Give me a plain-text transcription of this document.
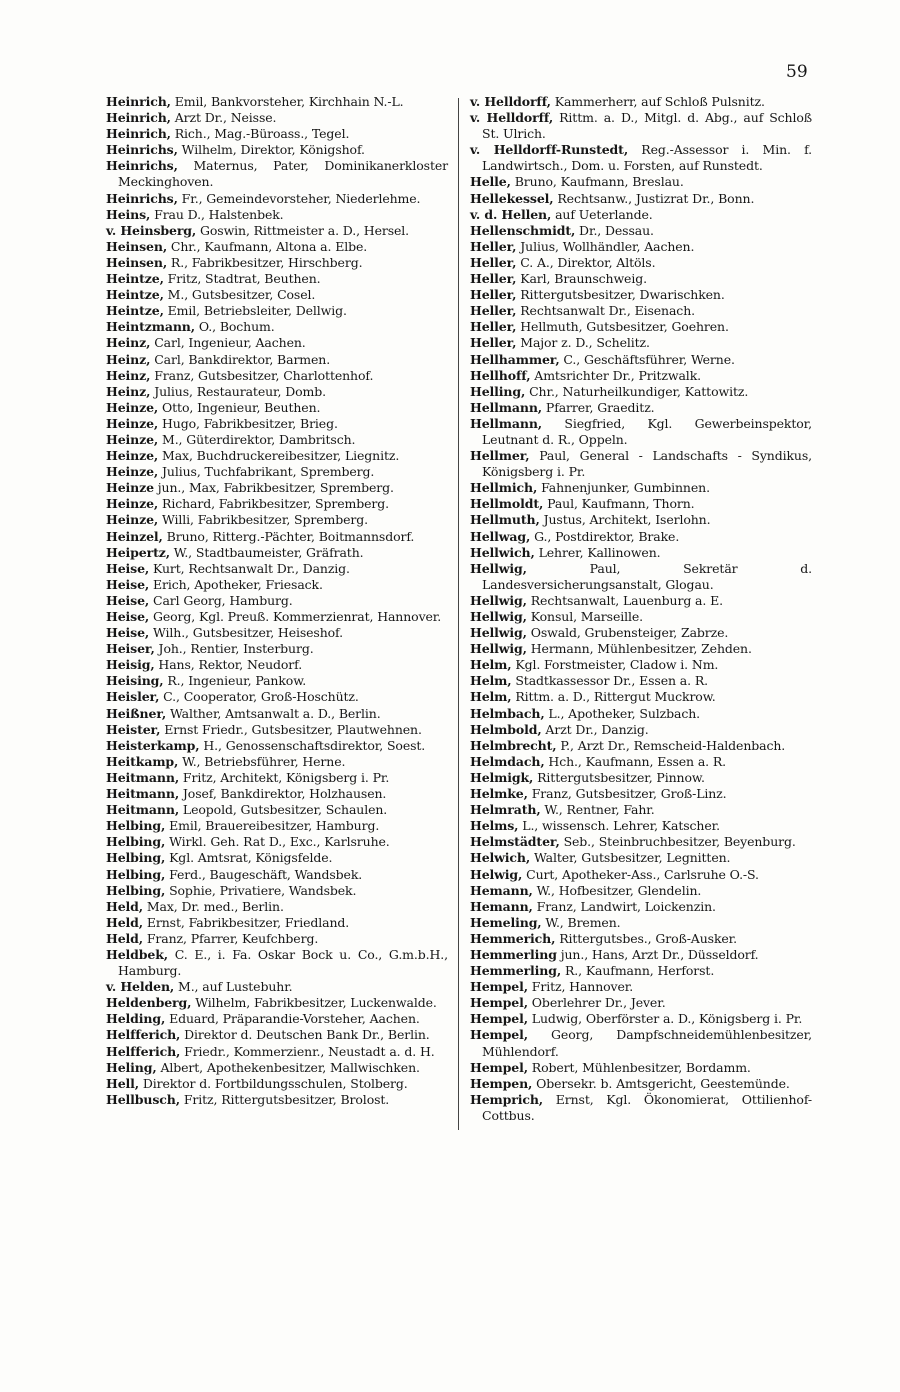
59
Heinrich, Emil, Bankvorsteher, Kirchhain N.-L.
Heinrich, Arzt Dr., Neisse.
Heinrich, Rich., Mag.-Büroass., Tegel.
Heinrichs, Wilhelm, Direktor, Königshof.
Heinrichs, Maternus, Pater, Dominikanerkloster Meckinghoven.
Heinrichs, Fr., Gemeindevorsteher, Niederlehme.
Heins, Frau D., Halstenbek.
v. Heinsberg, Goswin, Rittmeister a. D., Hersel.
Heinsen, Chr., Kaufmann, Altona a. Elbe.
Heinsen, R., Fabrikbesitzer, Hirschberg.
Heintze, Fritz, Stadtrat, Beuthen.
Heintze, M., Gutsbesitzer, Cosel.
Heintze, Emil, Betriebsleiter, Dellwig.
Heintzmann, O., Bochum.
Heinz, Carl, Ingenieur, Aachen.
Heinz, Carl, Bankdirektor, Barmen.
Heinz, Franz, Gutsbesitzer, Charlottenhof.
Heinz, Julius, Restaurateur, Domb.
Heinze, Otto, Ingenieur, Beuthen.
Heinze, Hugo, Fabrikbesitzer, Brieg.
Heinze, M., Güterdirektor, Dambritsch.
Heinze, Max, Buchdruckereibesitzer, Liegnitz.
Heinze, Julius, Tuchfabrikant, Spremberg.
Heinze jun., Max, Fabrikbesitzer, Spremberg.
Heinze, Richard, Fabrikbesitzer, Spremberg.
Heinze, Willi, Fabrikbesitzer, Spremberg.
Heinzel, Bruno, Ritterg.-Pächter, Boitmannsdorf.
Heipertz, W., Stadtbaumeister, Gräfrath.
Heise, Kurt, Rechtsanwalt Dr., Danzig.
Heise, Erich, Apotheker, Friesack.
Heise, Carl Georg, Hamburg.
Heise, Georg, Kgl. Preuß. Kommerzienrat, Hannover.
Heise, Wilh., Gutsbesitzer, Heiseshof.
Heiser, Joh., Rentier, Insterburg.
Heisig, Hans, Rektor, Neudorf.
Heising, R., Ingenieur, Pankow.
Heisler, C., Cooperator, Groß-Hoschütz.
Heißner, Walther, Amtsanwalt a. D., Berlin.
Heister, Ernst Friedr., Gutsbesitzer, Plautwehnen.
Heisterkamp, H., Genossenschaftsdirektor, Soest.
Heitkamp, W., Betriebsführer, Herne.
Heitmann, Fritz, Architekt, Königsberg i. Pr.
Heitmann, Josef, Bankdirektor, Holzhausen.
Heitmann, Leopold, Gutsbesitzer, Schaulen.
Helbing, Emil, Brauereibesitzer, Hamburg.
Helbing, Wirkl. Geh. Rat D., Exc., Karlsruhe.
Helbing, Kgl. Amtsrat, Königsfelde.
Helbing, Ferd., Baugeschäft, Wandsbek.
Helbing, Sophie, Privatiere, Wandsbek.
Held, Max, Dr. med., Berlin.
Held, Ernst, Fabrikbesitzer, Friedland.
Held, Franz, Pfarrer, Keufchberg.
Heldbek, C. E., i. Fa. Oskar Bock u. Co., G.m.b.H., Hamburg.
v. Helden, M., auf Lustebuhr.
Heldenberg, Wilhelm, Fabrikbesitzer, Luckenwalde.
Helding, Eduard, Präparandie-Vorsteher, Aachen.
Helfferich, Direktor d. Deutschen Bank Dr., Berlin.
Helfferich, Friedr., Kommerzienr., Neustadt a. d. H.
Heling, Albert, Apothekenbesitzer, Mallwischken.
Hell, Direktor d. Fortbildungsschulen, Stolberg.
Hellbusch, Fritz, Rittergutsbesitzer, Brolost.
v. Helldorff, Kammerherr, auf Schloß Pulsnitz.
v. Helldorff, Rittm. a. D., Mitgl. d. Abg., auf Schloß St. Ulrich.
v. Helldorff-Runstedt, Reg.-Assessor i. Min. f. Landwirtsch., Dom. u. Forsten, auf Runstedt.
Helle, Bruno, Kaufmann, Breslau.
Hellekessel, Rechtsanw., Justizrat Dr., Bonn.
v. d. Hellen, auf Ueterlande.
Hellenschmidt, Dr., Dessau.
Heller, Julius, Wollhändler, Aachen.
Heller, C. A., Direktor, Altöls.
Heller, Karl, Braunschweig.
Heller, Rittergutsbesitzer, Dwarischken.
Heller, Rechtsanwalt Dr., Eisenach.
Heller, Hellmuth, Gutsbesitzer, Goehren.
Heller, Major z. D., Schelitz.
Hellhammer, C., Geschäftsführer, Werne.
Hellhoff, Amtsrichter Dr., Pritzwalk.
Helling, Chr., Naturheilkundiger, Kattowitz.
Hellmann, Pfarrer, Graeditz.
Hellmann, Siegfried, Kgl. Gewerbeinspektor, Leutnant d. R., Oppeln.
Hellmer, Paul, General - Landschafts - Syndikus, Königsberg i. Pr.
Hellmich, Fahnenjunker, Gumbinnen.
Hellmoldt, Paul, Kaufmann, Thorn.
Hellmuth, Justus, Architekt, Iserlohn.
Hellwag, G., Postdirektor, Brake.
Hellwich, Lehrer, Kallinowen.
Hellwig, Paul, Sekretär d. Landesversicherungsanstalt, Glogau.
Hellwig, Rechtsanwalt, Lauenburg a. E.
Hellwig, Konsul, Marseille.
Hellwig, Oswald, Grubensteiger, Zabrze.
Hellwig, Hermann, Mühlenbesitzer, Zehden.
Helm, Kgl. Forstmeister, Cladow i. Nm.
Helm, Stadtkassessor Dr., Essen a. R.
Helm, Rittm. a. D., Rittergut Muckrow.
Helmbach, L., Apotheker, Sulzbach.
Helmbold, Arzt Dr., Danzig.
Helmbrecht, P., Arzt Dr., Remscheid-Haldenbach.
Helmdach, Hch., Kaufmann, Essen a. R.
Helmigk, Rittergutsbesitzer, Pinnow.
Helmke, Franz, Gutsbesitzer, Groß-Linz.
Helmrath, W., Rentner, Fahr.
Helms, L., wissensch. Lehrer, Katscher.
Helmstädter, Seb., Steinbruchbesitzer, Beyenburg.
Helwich, Walter, Gutsbesitzer, Legnitten.
Helwig, Curt, Apotheker-Ass., Carlsruhe O.-S.
Hemann, W., Hofbesitzer, Glendelin.
Hemann, Franz, Landwirt, Loickenzin.
Hemeling, W., Bremen.
Hemmerich, Rittergutsbes., Groß-Ausker.
Hemmerling jun., Hans, Arzt Dr., Düsseldorf.
Hemmerling, R., Kaufmann, Herforst.
Hempel, Fritz, Hannover.
Hempel, Oberlehrer Dr., Jever.
Hempel, Ludwig, Oberförster a. D., Königsberg i. Pr.
Hempel, Georg, Dampfschneidemühlenbesitzer, Mühlendorf.
Hempel, Robert, Mühlenbesitzer, Bordamm.
Hempen, Obersekr. b. Amtsgericht, Geestemünde.
Hemprich, Ernst, Kgl. Ökonomierat, Ottilienhof-Cottbus.
